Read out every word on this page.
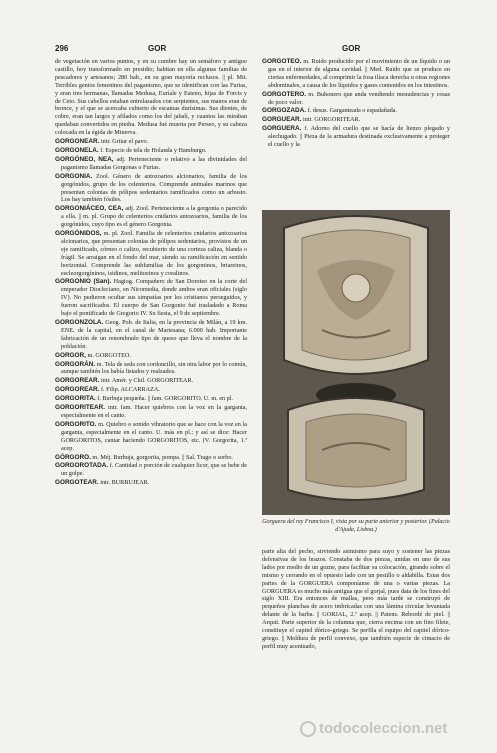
296	GOR	GOR

de vegetación en varios puntos, y en su cumbre hay un semáforo y antiguo castillo, hoy transformado en presidio; habitan en ella algunas familias de pescadores y artesanos; 280 hab., en su gran mayoría reclusos. || pl. Mit. Terribles genios femeninos del paganismo, que se identifican con las Furias, y eran tres hermanas, llamadas Medusa, Euríale y Esteno, hijas de Forcis y de Ceto. Sus cabellos estaban entrelazados con serpientes, sus manos eran de bronce, y el que se acercaba cubierto de escamas durísimas. Sus dientes, de cobre, eran tan largos y afilados como los del jabalí, y cuantos las miraban quedaban convertidos en piedra. Medusa fué muerta por Perseo, y su cabeza colocada en la égida de Minerva.

GORGONEAR. intr. Gritar el pavo.

GORGONELA. f. Especie de tela de Holanda y Hamburgo.

GORGÓNEO, NEA, adj. Perteneciente o relativo a las divinidades del paganismo llamadas Gorgonas o Furias.

GORGONIA. Zool. Género de antozoarios alcionarios, familia de los gorgónidos, grupo de los celenterios. Comprende animales marinos que presentan colonias de pólipos sedentarios ramificados como un arbusto. Los hay también fósiles.

GORGONIÁCEO, CEA, adj. Zool. Perteneciente a la gorgonia o parecido a ella. || m. pl. Grupo de celenterios cnidarios antozoarios, familia de los gorgónidos, cuyo tipo es el género Gorgonia.

GORGÓNIDOS, m. pl. Zool. Familia de celenterios cnidarios antozoarios alcionarios, que presentan colonias de pólipos sedentarios, provistos de un eje ramificado, córneo o calizo, recubierto de una corteza caliza, blanda o frágil. Se arraigan en el fondo del mar, siendo su ramificación en sentido horizontal. Comprende las subfamilias de los gorgoninos, briareinos, escleorgorgíninos, isidinos, melitoeinos y coralinos.

GORGONIO (San). Hagiog. Compañero de San Doroteo en la corte del emperador Diocleciano, en Nicomedia, donde ambos eran oficiales (siglo IV). No pudieron ocultar sus simpatías por los cristianos perseguidos, y fueron sacrificados. El cuerpo de San Gorgonio fué trasladado a Roma bajo el pontificado de Gregorio IV. Su fiesta, el 9 de septiembre.

GORGONZOLA. Geog. Pob. de Italia, en la provincia de Milán, a 19 km. ENE. de la capital, en el canal de Martesana; 6.000 hab. Importante fabricación de un renombrado tipo de queso que lleva el nombre de la población.

GORGOR, m. GORGOTEO.

GORGORÁN. m. Tela de seda con cordoncillo, sin otra labor por lo común, aunque también los había listados y realzados.

GORGOREAR. intr. Amér. y Chil. GORGORITEAR.

GORGOREAR. f. Filip. ALCARRAZA.

GORGORITA. f. Burbuja pequeña. || fam. GORGORITO. U. m. en pl.

GORGORITEAR. intr. fam. Hacer quiebros con la voz en la garganta, especialmente en el canto.

GORGORITO. m. Quiebro o sonido vibratorio que se hace con la voz en la garganta, especialmente en el canto. U. más en pl.; y así se dice: Hacer GORGORITOS, cantar haciendo GORGORITOS, etc. (V. Gorgorita, 1.ª acep.

GÓRGORO. m. Méj. Burbuja, gorgorita, pompa. || Sal. Trago o sorbo.

GORGOROTADA. f. Cantidad o porción de cualquier licor, que se bebe de un golpe.

GORGOTEAR. intr. BURBUJEAR.

GORGOTEO. m. Ruido producido por el movimiento de un líquido o un gas en el interior de alguna cavidad. || Med. Ruido que se produce en ciertas enfermedades, al comprimir la fosa ilíaca derecha u otras regiones abdominales, a causa de los líquidos y gases contenidos en los intestinos.

GORGOTERO. m. Buhonero que anda vendiendo menudencias y cosas de poco valor.

GORGOZADA. f. desus. Garganteada o espadañada.

GORGUEAR. intr. GORGORITEAR.

GORGUERA. f. Adorno del cuello que se hacía de lienzo plegado y alechugado. || Pieza de la armadura destinada exclusivamente a proteger el cuello y la

Gorguera del rey Francisco I, vista por su parte anterior y posterior. (Palacio d'Ajuda, Lisboa.)

parte alta del pecho, sirviendo asimismo para suyo y sostener las piezas defensivas de los brazos. Constaba de dos piezas, unidas en uno de sus lados por medio de un gozne, para facilitar su colocación, girando sobre el mismo y cerrando en el opuesto lado con un pestillo o aldabilla. Estas dos partes de la GORGUERA componíanse de una o varias piezas. La GORGUERA es mucho más antigua que el gorjal, pues data de los fines del siglo XIII. Era entonces de mallas, pero más tarde se construyó de pequeños planchas de acero imbricadas con una lámina circular levantada delante de la barba. || GORJAL, 2.ª acep. || Patens. Rebordé de piel. || Arquit. Parte superior de la columna que, cierra encima con un fino filete, constituye el capitel dórico-griego. Se perfila el equipo del capitel dórico-griego. || Moldura de perfil convexo, que también especie de cimacio de perfil muy acentuado,

todocoleccion.net
